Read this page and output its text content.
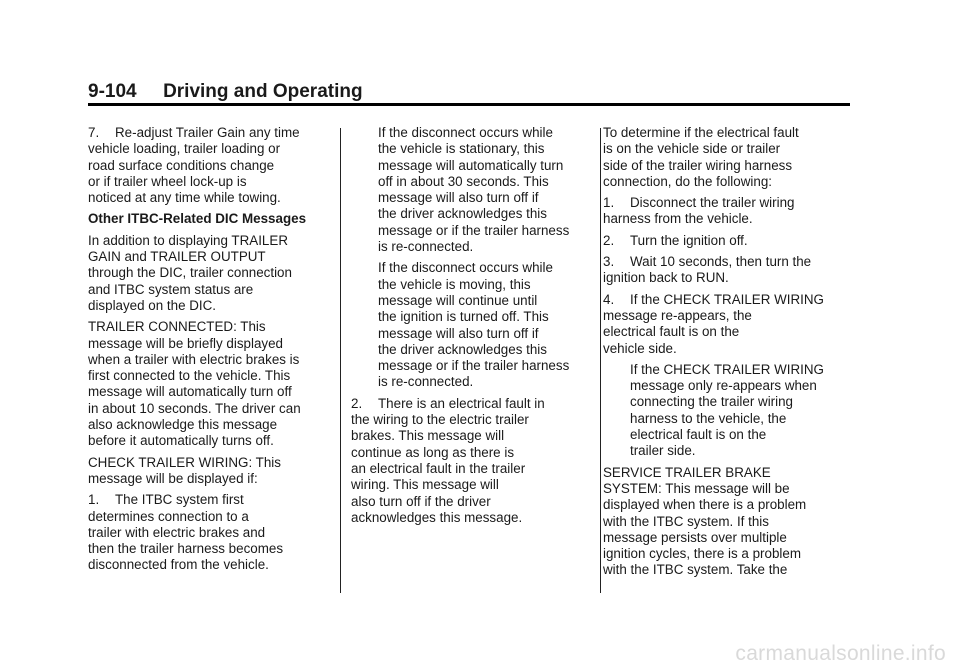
9-104 Driving and Operating
7. Re-adjust Trailer Gain any time
vehicle loading, trailer loading or
road surface conditions change
or if trailer wheel lock-up is
noticed at any time while towing.

Other ITBC-Related DIC Messages

In addition to displaying TRAILER
GAIN and TRAILER OUTPUT
through the DIC, trailer connection
and ITBC system status are
displayed on the DIC.

TRAILER CONNECTED: This
message will be briefly displayed
when a trailer with electric brakes is
first connected to the vehicle. This
message will automatically turn off
in about 10 seconds. The driver can
also acknowledge this message
before it automatically turns off.

CHECK TRAILER WIRING: This
message will be displayed if:

1. The ITBC system first
determines connection to a
trailer with electric brakes and
then the trailer harness becomes
disconnected from the vehicle.
If the disconnect occurs while
the vehicle is stationary, this
message will automatically turn
off in about 30 seconds. This
message will also turn off if
the driver acknowledges this
message or if the trailer harness
is re-connected.
If the disconnect occurs while
the vehicle is moving, this
message will continue until
the ignition is turned off. This
message will also turn off if
the driver acknowledges this
message or if the trailer harness
is re-connected.
2. There is an electrical fault in
the wiring to the electric trailer
brakes. This message will
continue as long as there is
an electrical fault in the trailer
wiring. This message will
also turn off if the driver
acknowledges this message.

To determine if the electrical fault
is on the vehicle side or trailer
side of the trailer wiring harness
connection, do the following:

1. Disconnect the trailer wiring
harness from the vehicle.
2. Turn the ignition off.
3. Wait 10 seconds, then turn the
ignition back to RUN.
4. If the CHECK TRAILER WIRING
message re-appears, the
electrical fault is on the
vehicle side.
If the CHECK TRAILER WIRING
message only re-appears when
connecting the trailer wiring
harness to the vehicle, the
electrical fault is on the
trailer side.

SERVICE TRAILER BRAKE
SYSTEM: This message will be
displayed when there is a problem
with the ITBC system. If this
message persists over multiple
ignition cycles, there is a problem
with the ITBC system. Take the

carmanualsonline.info
